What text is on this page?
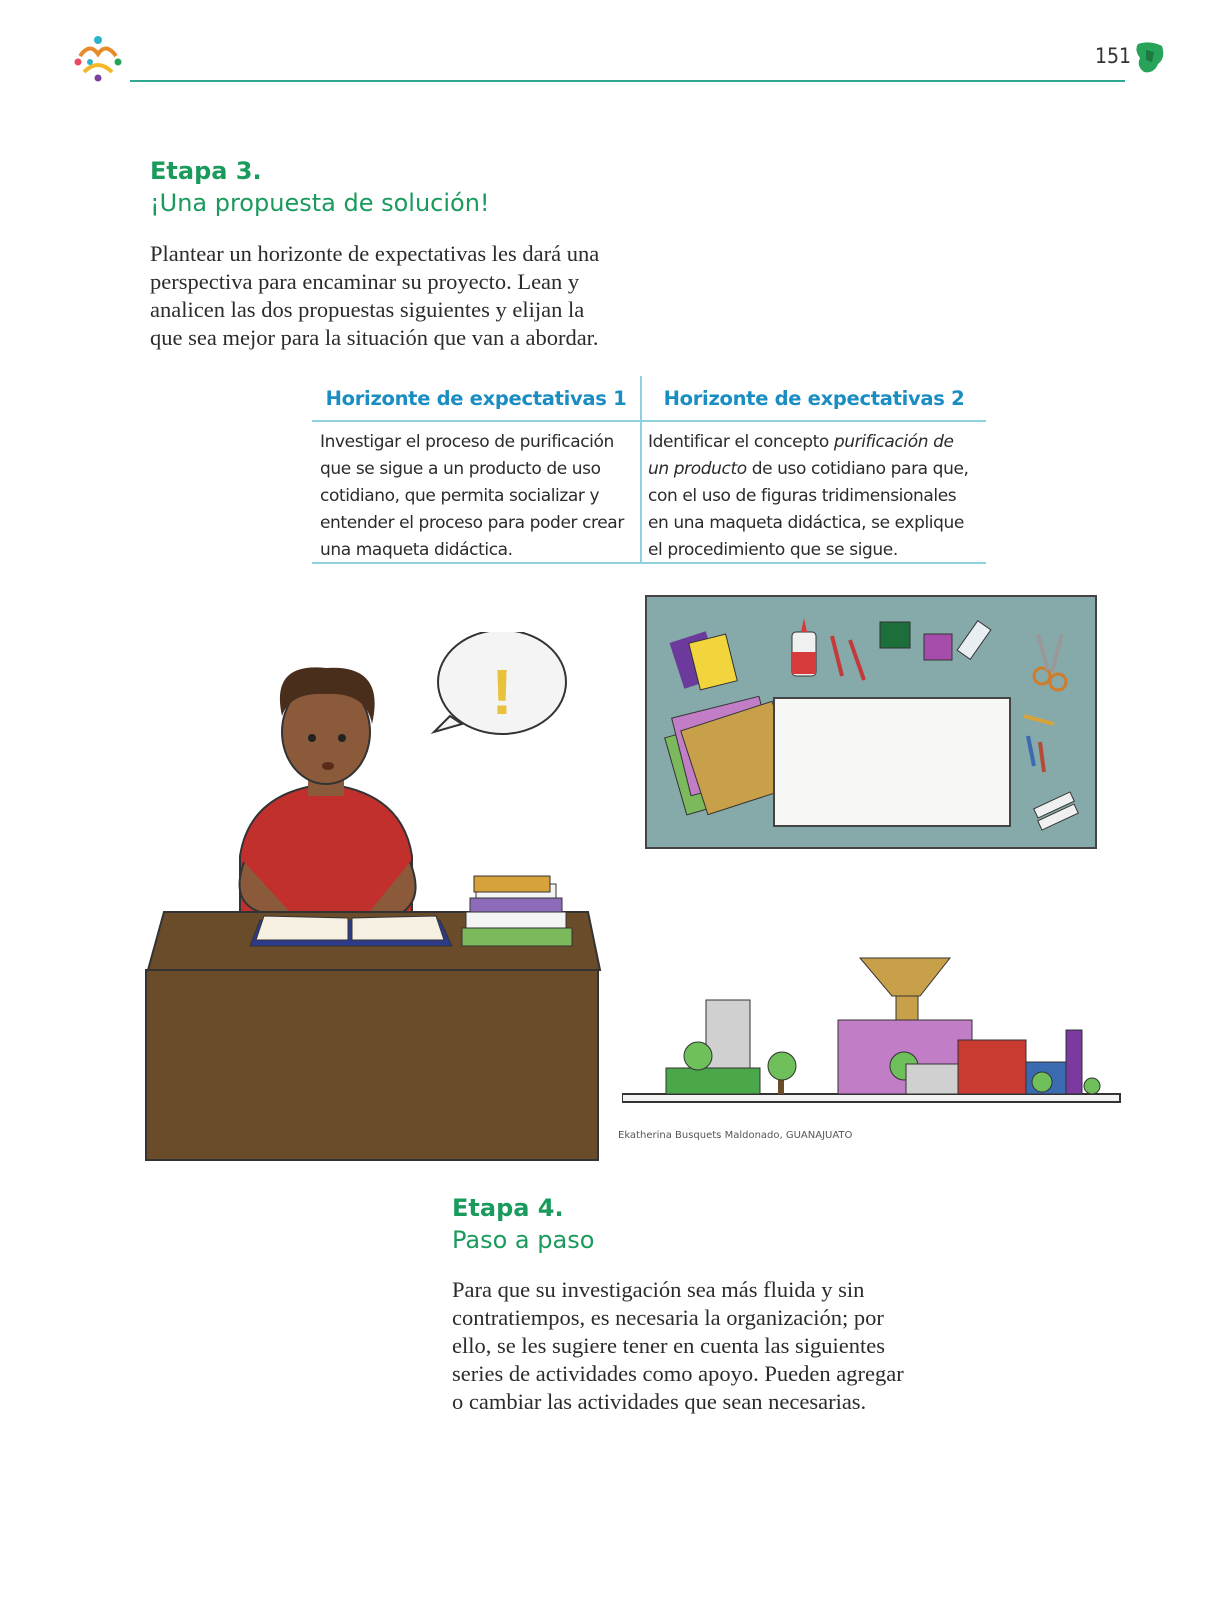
151
Etapa 3.
¡Una propuesta de solución!
Plantear un horizonte de expectativas les dará una
perspectiva para encaminar su proyecto. Lean y
analicen las dos propuestas siguientes y elijan la
que sea mejor para la situación que van a abordar.
Horizonte de expectativas 1	Horizonte de expectativas 2
Investigar el proceso de purificación
que se sigue a un producto de uso
cotidiano, que permita socializar y
entender el proceso para poder crear
una maqueta didáctica.
Identificar el concepto purificación de
un producto de uso cotidiano para que,
con el uso de figuras tridimensionales
en una maqueta didáctica, se explique
el procedimiento que se sigue.
!
Ekatherina Busquets Maldonado, GUANAJUATO
Etapa 4.
Paso a paso
Para que su investigación sea más fluida y sin
contratiempos, es necesaria la organización; por
ello, se les sugiere tener en cuenta las siguientes
series de actividades como apoyo. Pueden agregar
o cambiar las actividades que sean necesarias.
